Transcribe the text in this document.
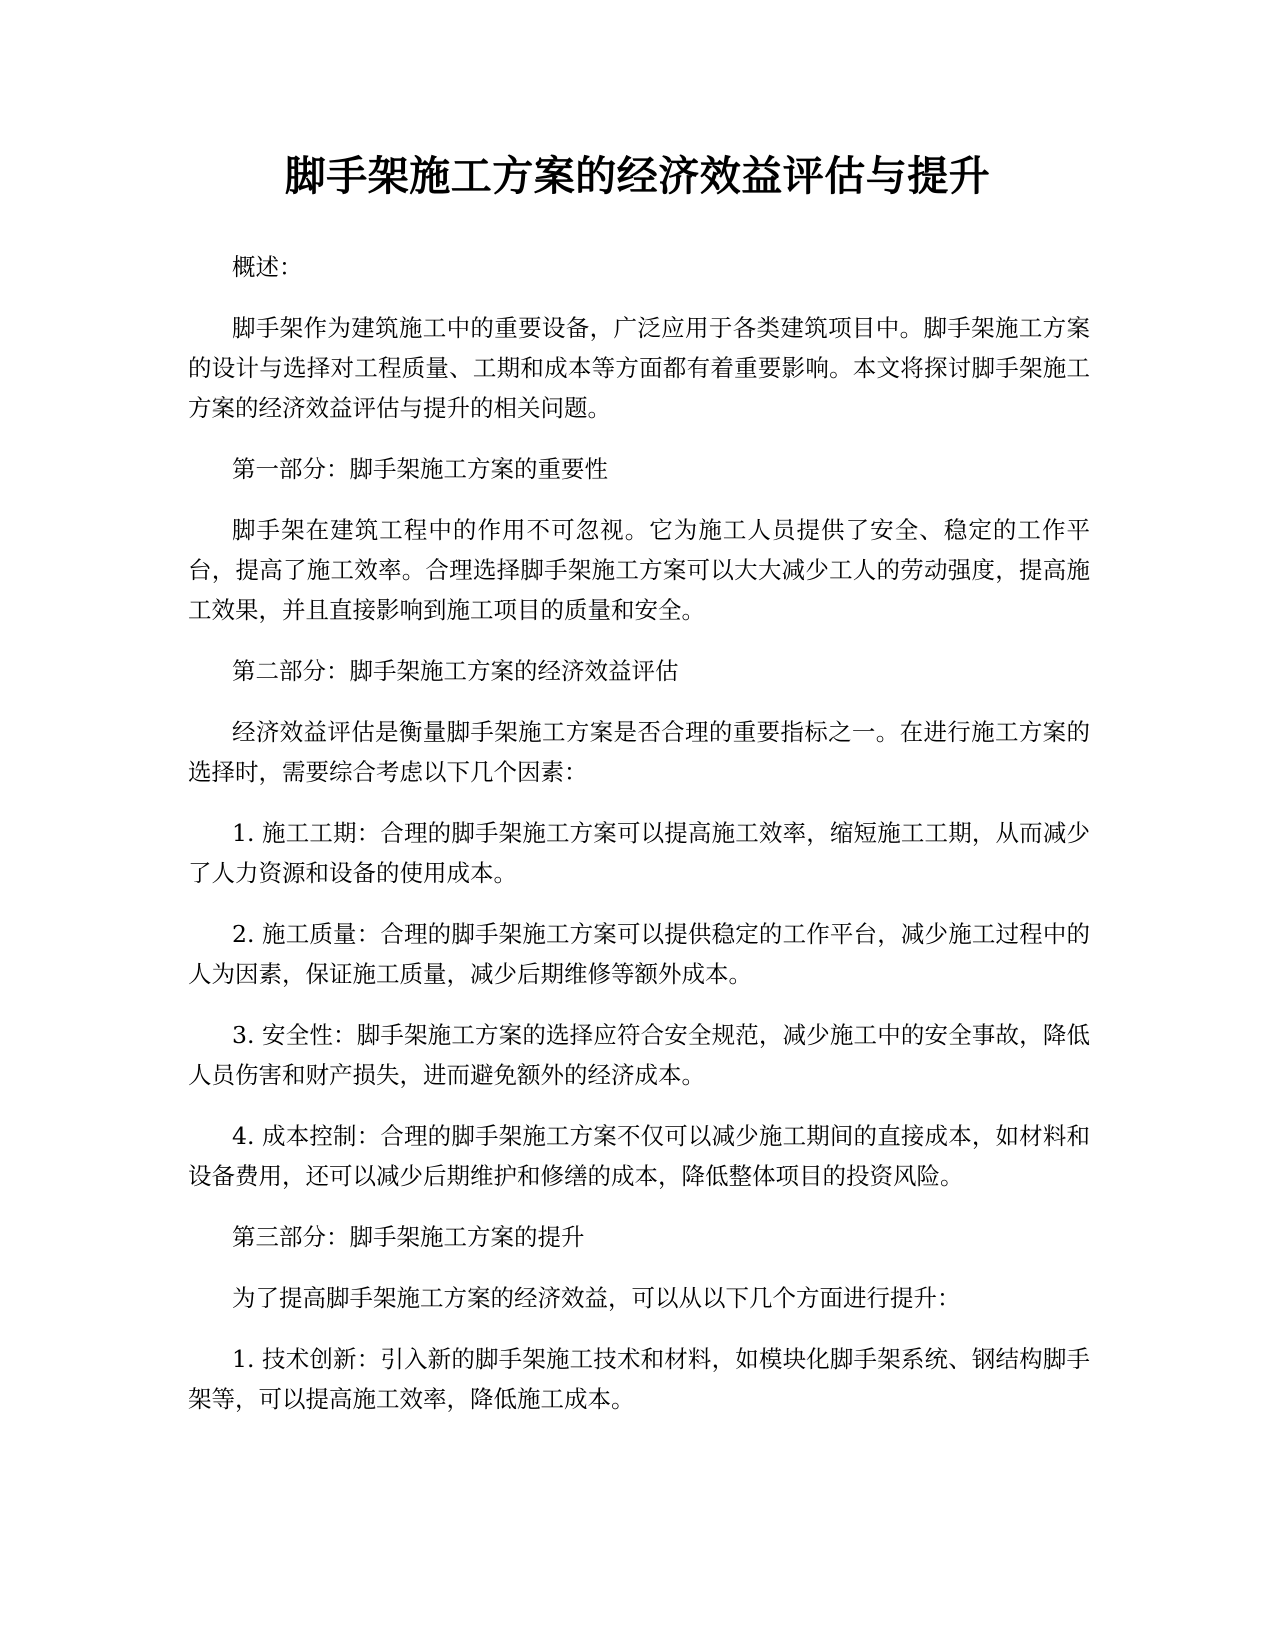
脚手架施工方案的经济效益评估与提升

概述：

脚手架作为建筑施工中的重要设备，广泛应用于各类建筑项目中。脚手架施工方案的设计与选择对工程质量、工期和成本等方面都有着重要影响。本文将探讨脚手架施工方案的经济效益评估与提升的相关问题。

第一部分：脚手架施工方案的重要性

脚手架在建筑工程中的作用不可忽视。它为施工人员提供了安全、稳定的工作平台，提高了施工效率。合理选择脚手架施工方案可以大大减少工人的劳动强度，提高施工效果，并且直接影响到施工项目的质量和安全。

第二部分：脚手架施工方案的经济效益评估

经济效益评估是衡量脚手架施工方案是否合理的重要指标之一。在进行施工方案的选择时，需要综合考虑以下几个因素：

1. 施工工期：合理的脚手架施工方案可以提高施工效率，缩短施工工期，从而减少了人力资源和设备的使用成本。

2. 施工质量：合理的脚手架施工方案可以提供稳定的工作平台，减少施工过程中的人为因素，保证施工质量，减少后期维修等额外成本。

3. 安全性：脚手架施工方案的选择应符合安全规范，减少施工中的安全事故，降低人员伤害和财产损失，进而避免额外的经济成本。

4. 成本控制：合理的脚手架施工方案不仅可以减少施工期间的直接成本，如材料和设备费用，还可以减少后期维护和修缮的成本，降低整体项目的投资风险。

第三部分：脚手架施工方案的提升

为了提高脚手架施工方案的经济效益，可以从以下几个方面进行提升：

1. 技术创新：引入新的脚手架施工技术和材料，如模块化脚手架系统、钢结构脚手架等，可以提高施工效率，降低施工成本。
